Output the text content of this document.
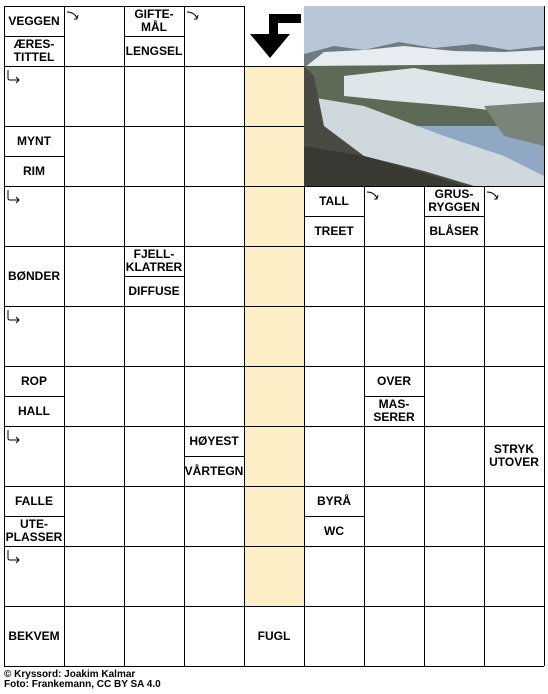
VEGGEN
ÆRES-
TITTEL
GIFTE-
MÅL
LENGSEL
MYNT
RIM
TALL
TREET
GRUS-
RYGGEN
BLÅSER
BØNDER
FJELL-
KLATRER
DIFFUSE
ROP
HALL
OVER
MAS-
SERER
HØYEST
VÅRTEGN
STRYK
UTOVER
FALLE
UTE-
PLASSER
BYRÅ
WC
BEKVEM	FUGL
© Kryssord: Joakim Kalmar
Foto: Frankemann, CC BY SA 4.0
